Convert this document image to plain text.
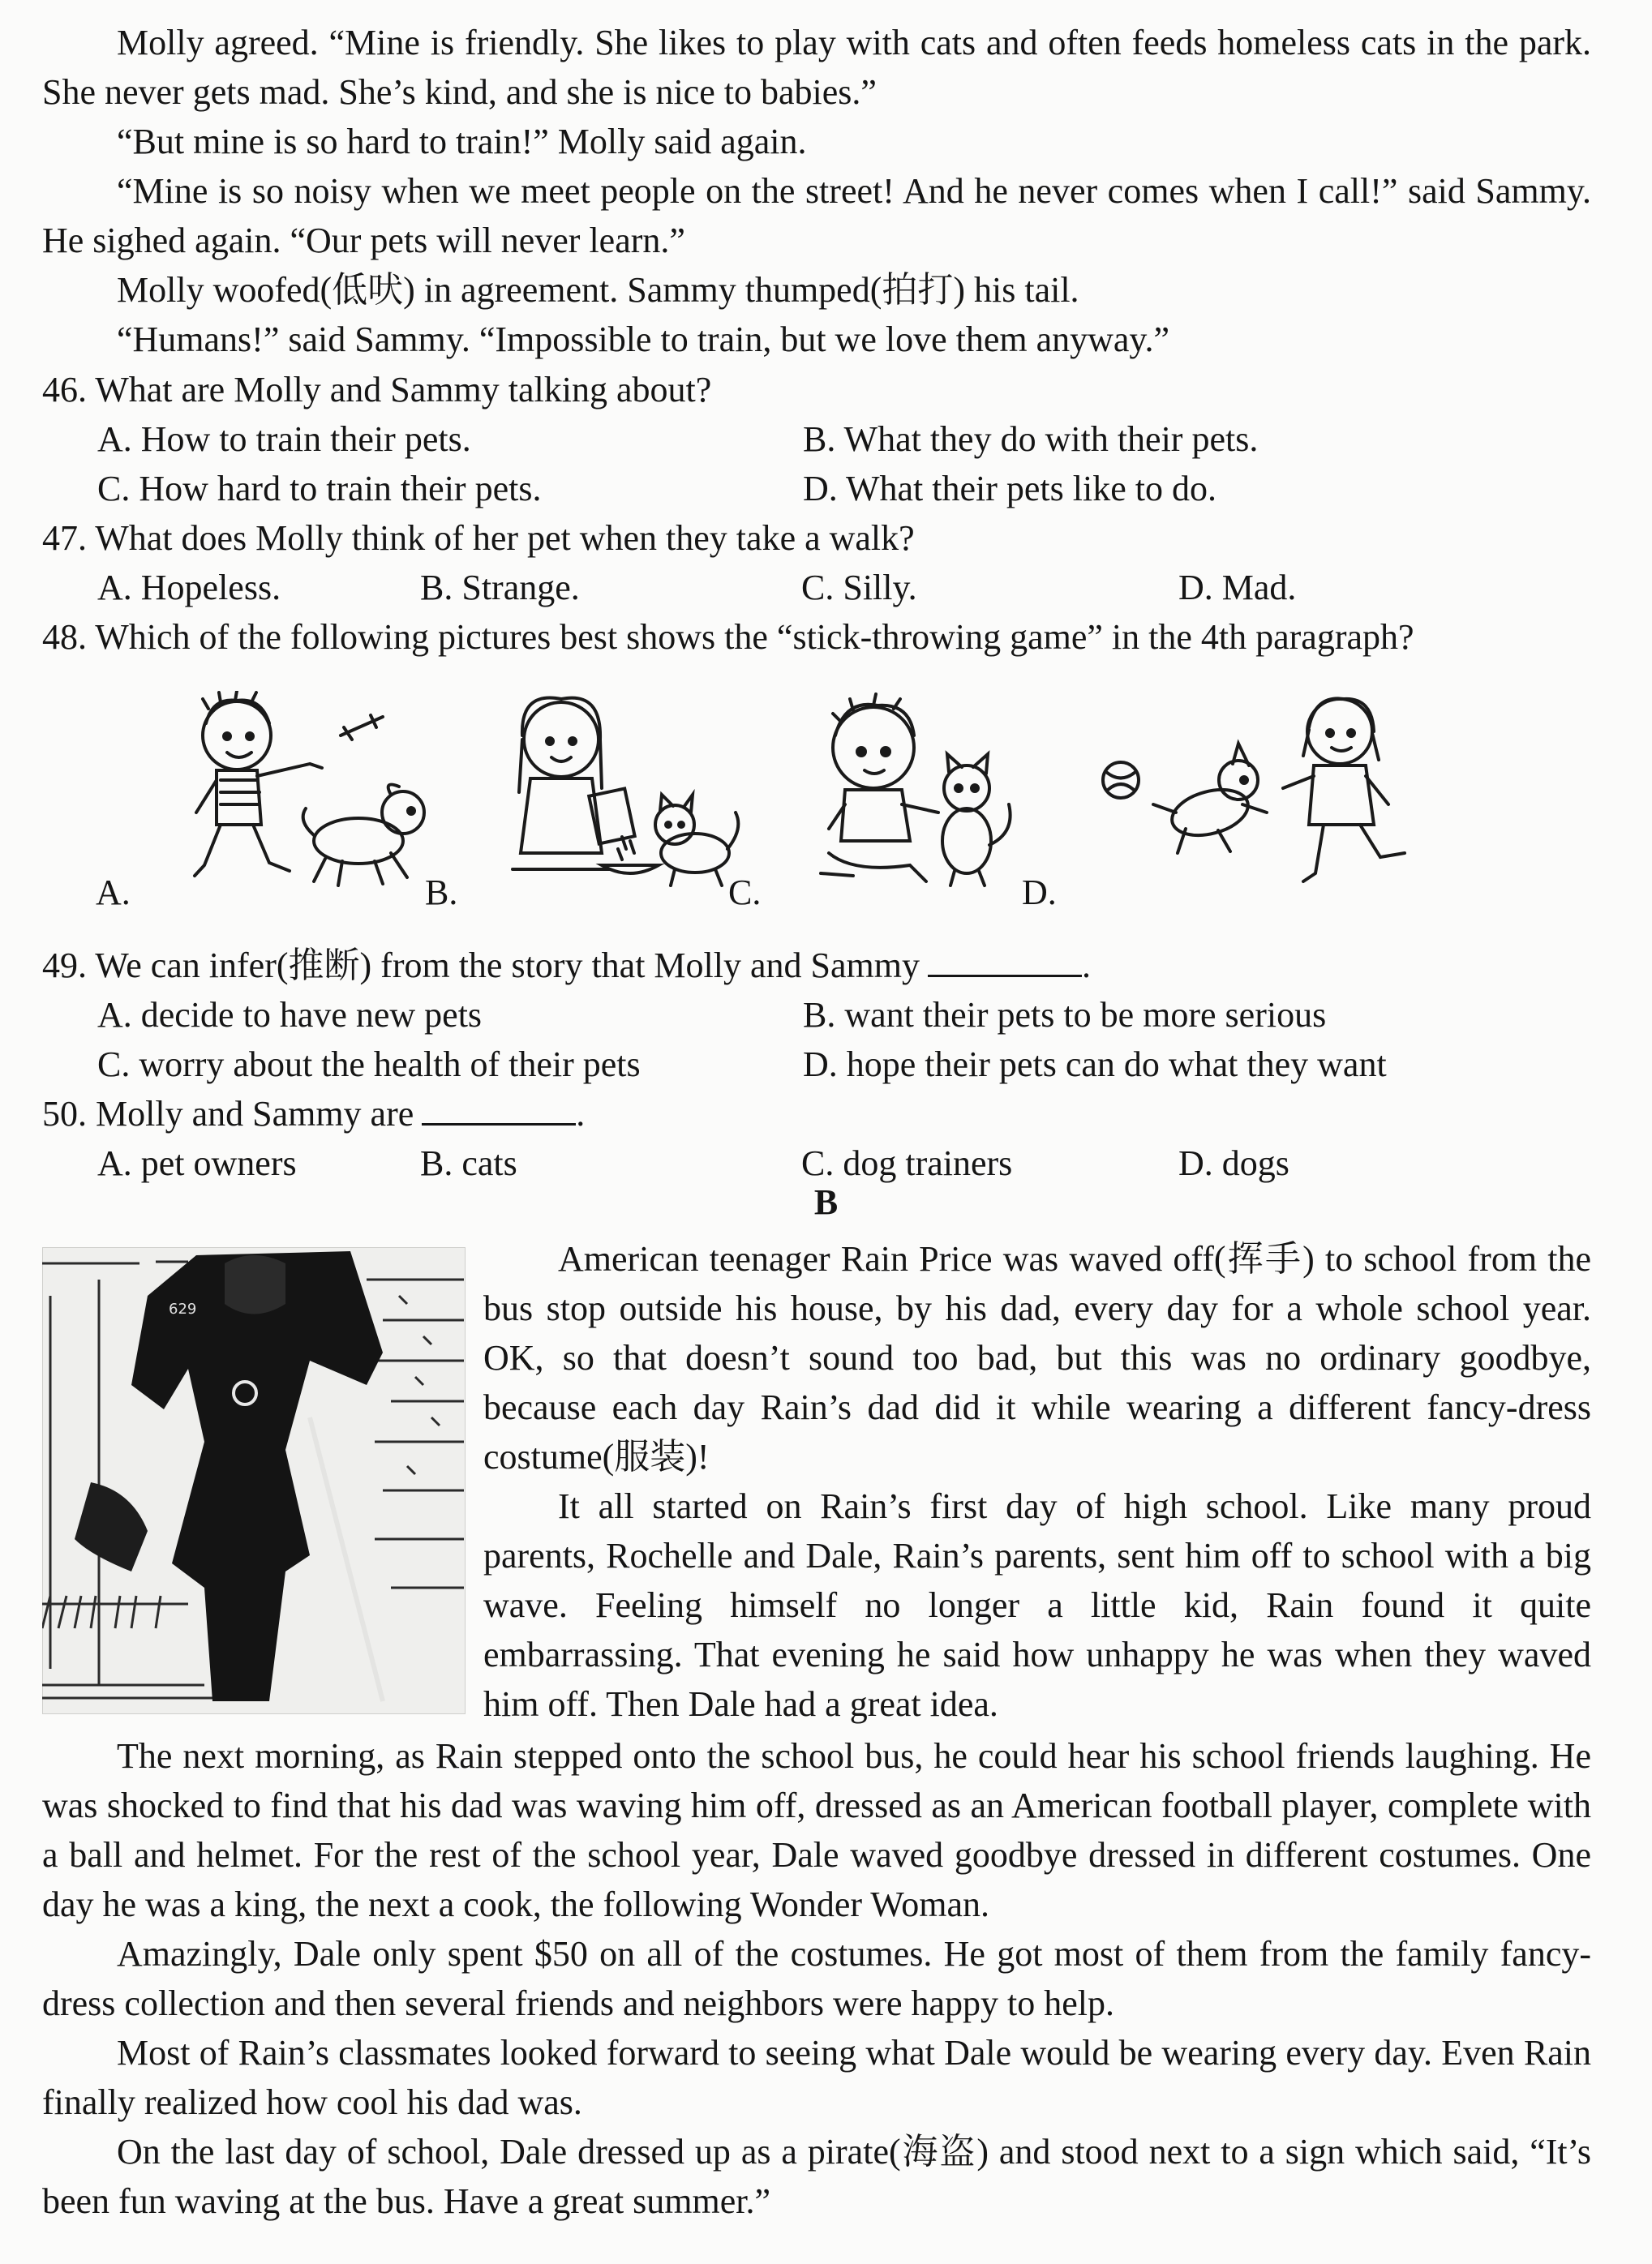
Molly agreed. “Mine is friendly. She likes to play with cats and often feeds homeless cats in the park. She never gets mad. She’s kind, and she is nice to babies.”

“But mine is so hard to train!” Molly said again.

“Mine is so noisy when we meet people on the street! And he never comes when I call!” said Sammy. He sighed again. “Our pets will never learn.”

Molly woofed(低吠) in agreement. Sammy thumped(拍打) his tail.

“Humans!” said Sammy. “Impossible to train, but we love them anyway.”

46. What are Molly and Sammy talking about?

A. How to train their pets.	B. What they do with their pets.
C. How hard to train their pets.	D. What their pets like to do.

47. What does Molly think of her pet when they take a walk?

A. Hopeless.	B. Strange.	C. Silly.	D. Mad.

48. Which of the following pictures best shows the “stick-throwing game” in the 4th paragraph?

A.	B.	C.	D.

49. We can infer(推断) from the story that Molly and Sammy	.

A. decide to have new pets	B. want their pets to be more serious
C. worry about the health of their pets	D. hope their pets can do what they want

50. Molly and Sammy are	.

A. pet owners	B. cats	C. dog trainers	D. dogs
B
629

American teenager Rain Price was waved off(挥手) to school from the bus stop outside his house, by his dad, every day for a whole school year. OK, so that doesn’t sound too bad, but this was no ordinary goodbye, because each day Rain’s dad did it while wearing a different fancy-dress costume(服装)!

It all started on Rain’s first day of high school. Like many proud parents, Rochelle and Dale, Rain’s parents, sent him off to school with a big wave. Feeling himself no longer a little kid, Rain found it quite embarrassing. That evening he said how unhappy he was when they waved him off. Then Dale had a great idea.

The next morning, as Rain stepped onto the school bus, he could hear his school friends laughing. He was shocked to find that his dad was waving him off, dressed as an American football player, complete with a ball and helmet. For the rest of the school year, Dale waved goodbye dressed in different costumes. One day he was a king, the next a cook, the following Wonder Woman.

Amazingly, Dale only spent $50 on all of the costumes. He got most of them from the family fancy-dress collection and then several friends and neighbors were happy to help.

Most of Rain’s classmates looked forward to seeing what Dale would be wearing every day. Even Rain finally realized how cool his dad was.

On the last day of school, Dale dressed up as a pirate(海盗) and stood next to a sign which said, “It’s been fun waving at the bus. Have a great summer.”
